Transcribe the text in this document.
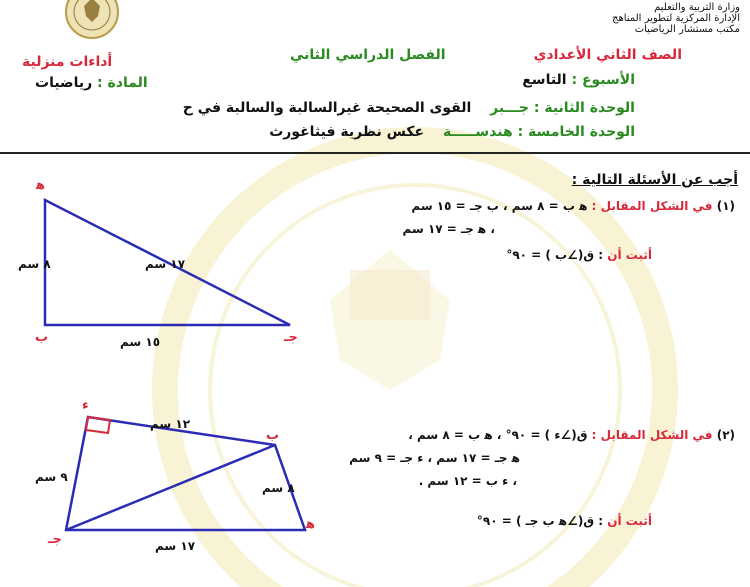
وزارة التربية والتعليم
الإدارة المركزية لتطوير المناهج
مكتب مستشار الرياضيات
الصف الثاني الأعدادي
الفصل الدراسي الثاني
أداءات منزلية
الأسبوع : التاسع
المادة : رياضيات
الوحدة الثانية : جـــبر القوى الصحيحة غيرالسالبة والسالبة في ح
الوحدة الخامسة : هندســـــة عكس نظرية فيثاغورث
أجب عن الأسئلة التالية :
(١) في الشكل المقابل : ﻫ ب = ٨ سم ، ب جـ = ١٥ سم
، ﻫ جـ = ١٧ سم
أثبت أن : ق(∠ب ) = ٩٠°
ﻫ
ب	جـ
٨ سم
١٥ سم
١٧ سم
(٢) في الشكل المقابل : ق(∠ء ) = ٩٠° ، ﻫ ب = ٨ سم ،
ﻫ جـ = ١٧ سم ، ء جـ = ٩ سم
، ء ب = ١٢ سم .
أثبت أن : ق(∠ﻫ ب جـ ) = ٩٠°
ء
ب
ﻫ
جـ
١٢ سم
٩ سم
٨ سم
١٧ سم
